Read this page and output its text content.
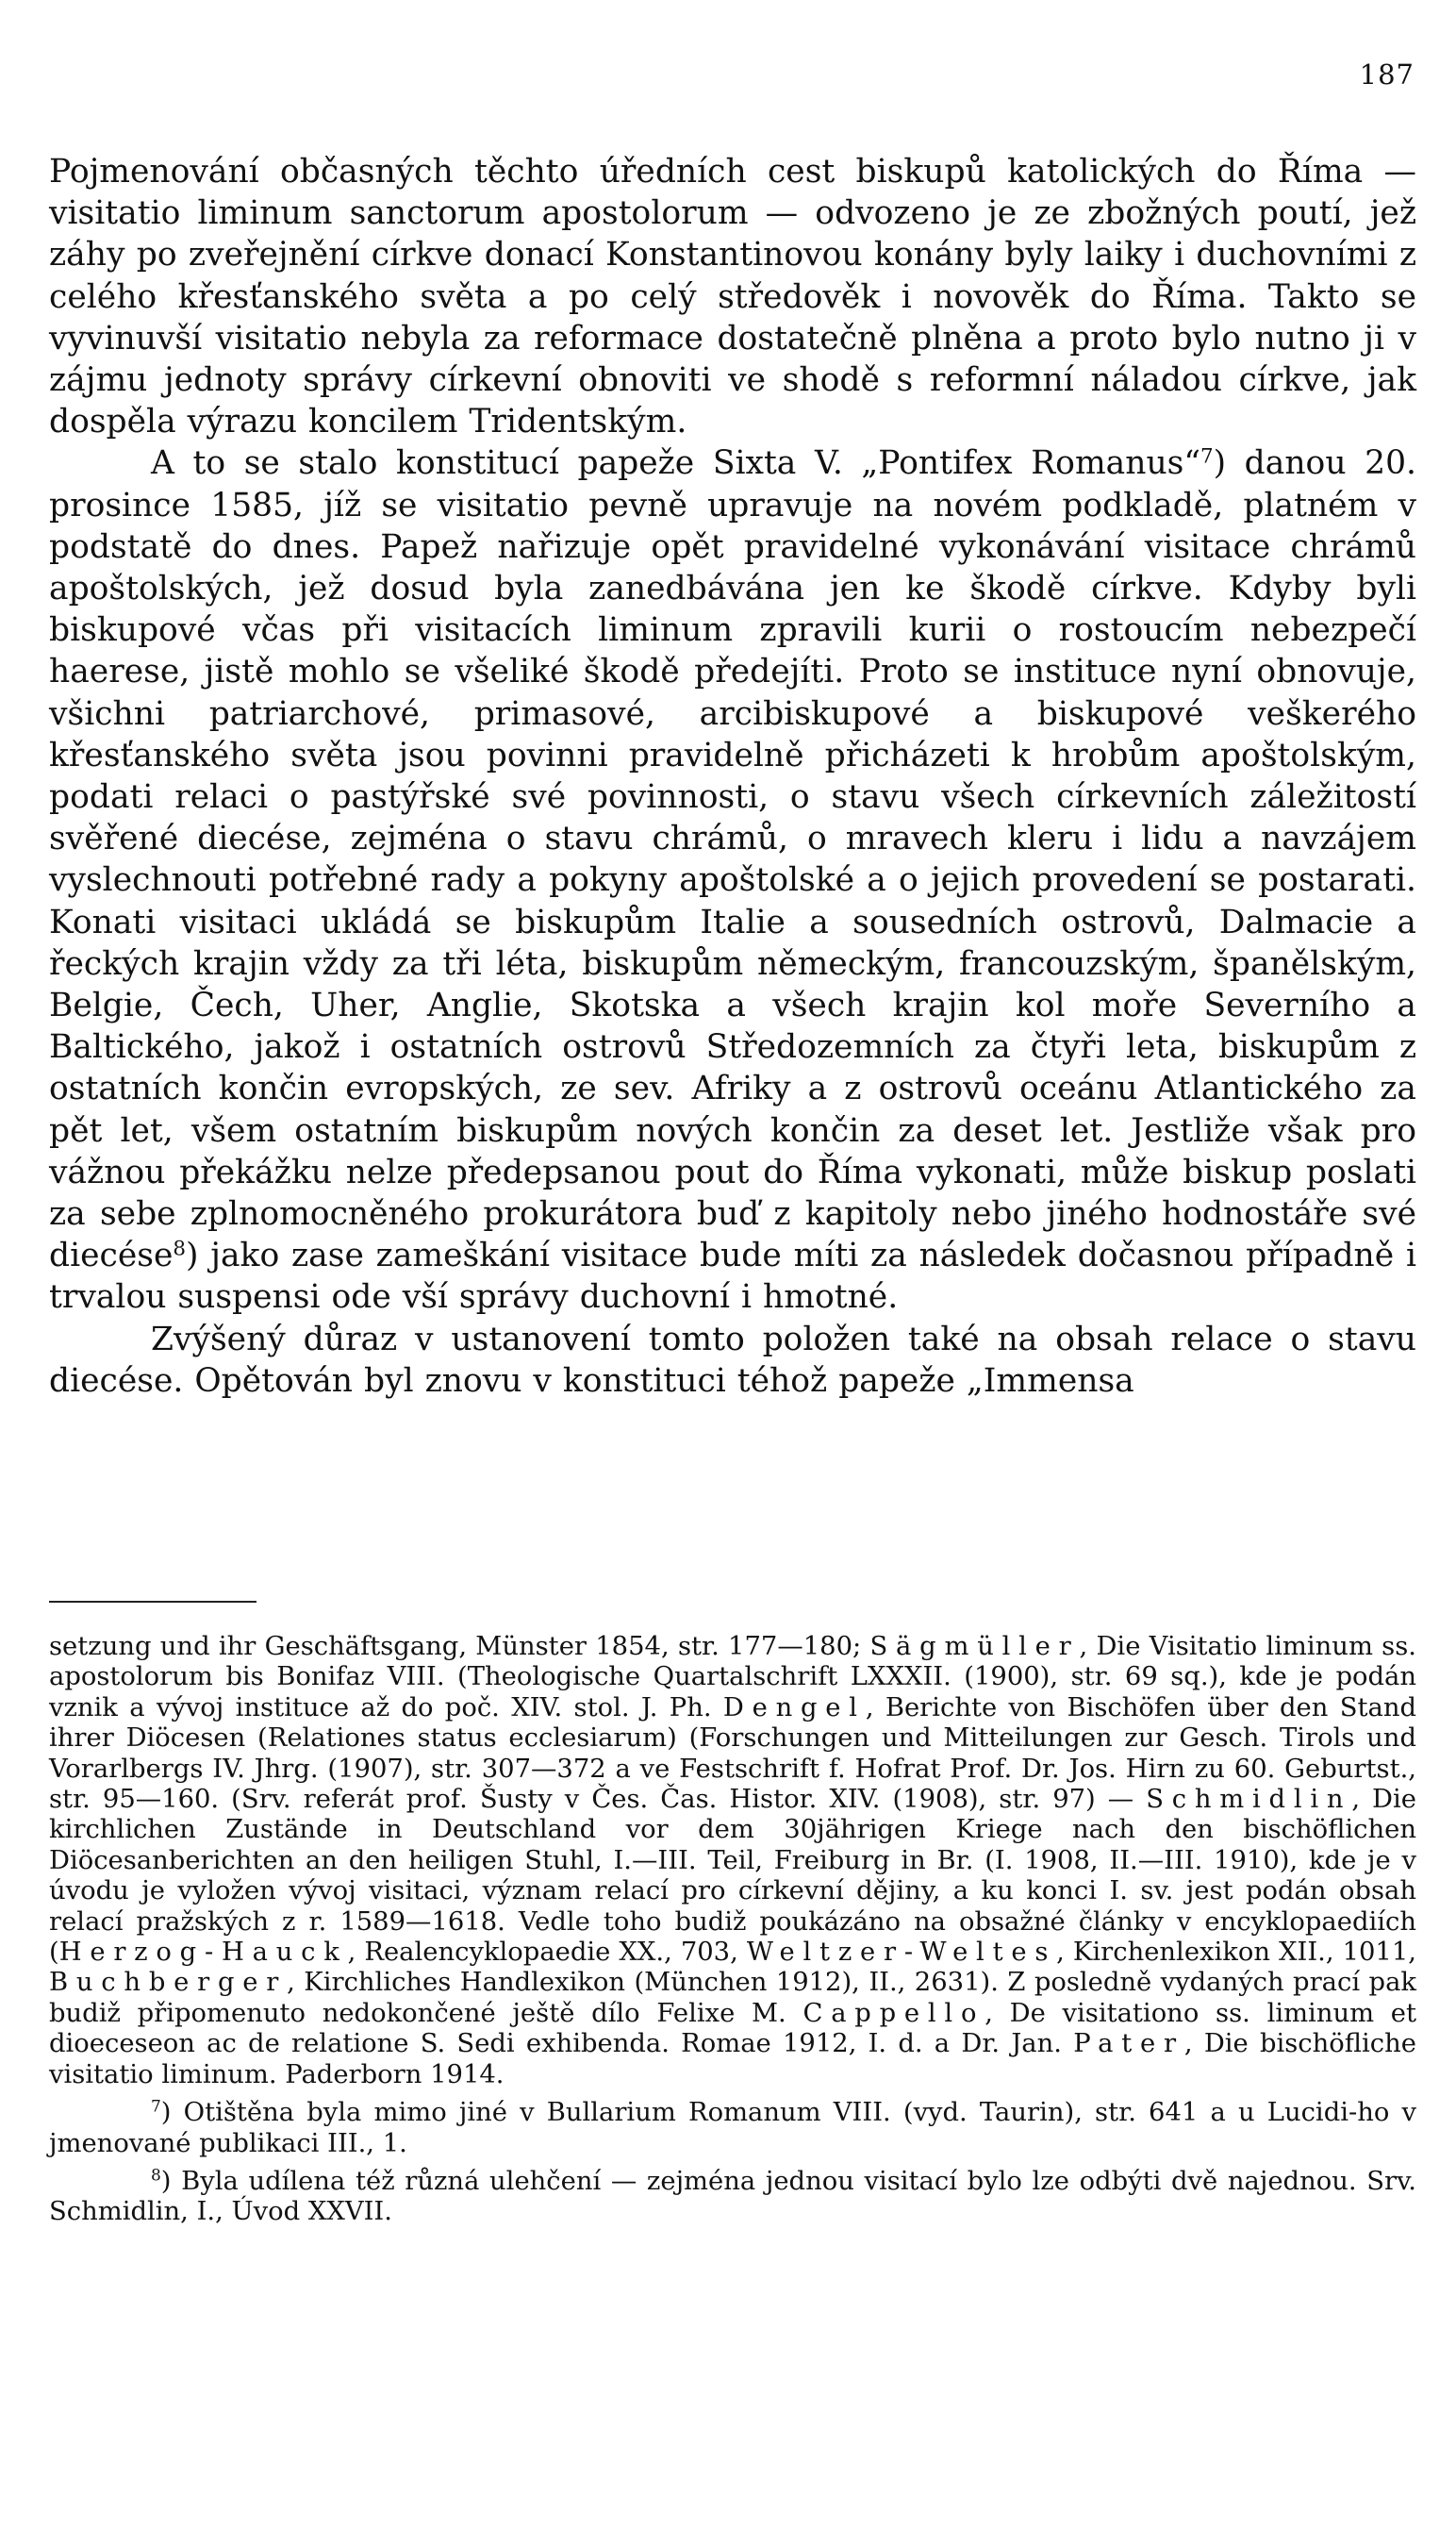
187

Pojmenování občasných těchto úředních cest biskupů katolických do Říma — visitatio liminum sanctorum apostolorum — odvozeno je ze zbožných poutí, jež záhy po zveřejnění církve donací Konstantinovou konány byly laiky i duchovními z celého křesťanského světa a po celý středověk i novověk do Říma. Takto se vyvinuvší visitatio nebyla za reformace dostatečně plněna a proto bylo nutno ji v zájmu jednoty správy církevní obnoviti ve shodě s reformní náladou církve, jak dospěla výrazu koncilem Tridentským.

A to se stalo konstitucí papeže Sixta V. „Pontifex Romanus“$^7$) danou 20. prosince 1585, jíž se visitatio pevně upravuje na novém podkladě, platném v podstatě do dnes. Papež nařizuje opět pravidelné vykonávání visitace chrámů apoštolských, jež dosud byla zanedbávána jen ke škodě církve. Kdyby byli biskupové včas při visitacích liminum zpravili kurii o rostoucím nebezpečí haerese, jistě mohlo se všeliké škodě předejíti. Proto se instituce nyní obnovuje, všichni patriarchové, primasové, arcibiskupové a biskupové veškerého křesťanského světa jsou povinni pravidelně přicházeti k hrobům apoštolským, podati relaci o pastýřské své povinnosti, o stavu všech církevních záležitostí svěřené diecése, zejména o stavu chrámů, o mravech kleru i lidu a navzájem vyslechnouti potřebné rady a pokyny apoštolské a o jejich provedení se postarati. Konati visitaci ukládá se biskupům Italie a sousedních ostrovů, Dalmacie a řeckých krajin vždy za tři léta, biskupům německým, francouzským, španělským, Belgie, Čech, Uher, Anglie, Skotska a všech krajin kol moře Severního a Baltického, jakož i ostatních ostrovů Středozemních za čtyři leta, biskupům z ostatních končin evropských, ze sev. Afriky a z ostrovů oceánu Atlantického za pět let, všem ostatním biskupům nových končin za deset let. Jestliže však pro vážnou překážku nelze předepsanou pout do Říma vykonati, může biskup poslati za sebe zplnomocněného prokurátora buď z kapitoly nebo jiného hodnostáře své diecése$^8$) jako zase zameškání visitace bude míti za následek dočasnou případně i trvalou suspensi ode vší správy duchovní i hmotné.

Zvýšený důraz v ustanovení tomto položen také na obsah relace o stavu diecése. Opětován byl znovu v konstituci téhož papeže „Immensa

setzung und ihr Geschäftsgang, Münster 1854, str. 177—180; Sägmüller, Die Visitatio liminum ss. apostolorum bis Bonifaz VIII. (Theologische Quartalschrift LXXXII. (1900), str. 69 sq.), kde je podán vznik a vývoj instituce až do poč. XIV. stol. J. Ph. Dengel, Berichte von Bischöfen über den Stand ihrer Diöcesen (Relationes status ecclesiarum) (Forschungen und Mitteilungen zur Gesch. Tirols und Vorarlbergs IV. Jhrg. (1907), str. 307—372 a ve Festschrift f. Hofrat Prof. Dr. Jos. Hirn zu 60. Geburtst., str. 95—160. (Srv. referát prof. Šusty v Čes. Čas. Histor. XIV. (1908), str. 97) — Schmidlin, Die kirchlichen Zustände in Deutschland vor dem 30jährigen Kriege nach den bischöflichen Diöcesanberichten an den heiligen Stuhl, I.—III. Teil, Freiburg in Br. (I. 1908, II.—III. 1910), kde je v úvodu je vyložen vývoj visitaci, význam relací pro církevní dějiny, a ku konci I. sv. jest podán obsah relací pražských z r. 1589—1618. Vedle toho budiž poukázáno na obsažné články v encyklopaediích (Herzog-Hauck, Realencyklopaedie XX., 703, Weltzer-Weltes, Kirchenlexikon XII., 1011, Buchberger, Kirchliches Handlexikon (München 1912), II., 2631). Z posledně vydaných prací pak budiž připomenuto nedokončené ještě dílo Felixe M. Cappello, De visitationo ss. liminum et dioeceseon ac de relatione S. Sedi exhibenda. Romae 1912, I. d. a Dr. Jan. Pater, Die bischöfliche visitatio liminum. Paderborn 1914.

$^7$) Otištěna byla mimo jiné v Bullarium Romanum VIII. (vyd. Taurin), str. 641 a u Lucidi-ho v jmenované publikaci III., 1.

$^8$) Byla udílena též různá ulehčení — zejména jednou visitací bylo lze odbýti dvě najednou. Srv. Schmidlin, I., Úvod XXVII.
